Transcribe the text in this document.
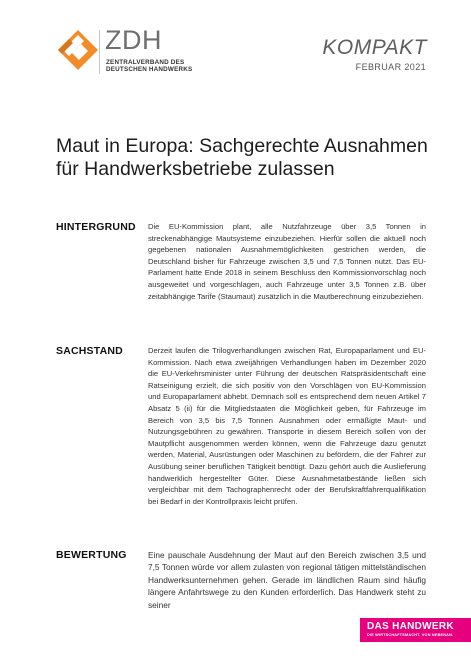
ZDH
ZENTRALVERBAND DES
DEUTSCHEN HANDWERKS
KOMPAKT
FEBRUAR 2021
Maut in Europa: Sachgerechte Ausnahmen
für Handwerksbetriebe zulassen
HINTERGRUND Die EU-Kommission plant, alle Nutzfahrzeuge über 3,5 Tonnen in streckenabhängige Mautsysteme einzubeziehen. Hierfür sollen die aktuell noch gegebenen nationalen Ausnahmemöglichkeiten gestrichen werden, die Deutschland bisher für Fahrzeuge zwischen 3,5 und 7,5 Tonnen nutzt. Das EU-Parlament hatte Ende 2018 in seinem Beschluss den Kommissionvorschlag noch ausgeweitet und vorgeschlagen, auch Fahrzeuge unter 3,5 Tonnen z.B. über zeitabhängige Tarife (Staumaut) zusätzlich in die Mautberechnung einzubeziehen.

SACHSTAND	Derzeit laufen die Trilogverhandlungen zwischen Rat, Europaparlament und EU-Kommission. Nach etwa zweijährigen Verhandlungen haben im Dezember 2020 die EU-Verkehrsminister unter Führung der deutschen Ratspräsidentschaft eine Ratseinigung erzielt, die sich positiv von den Vorschlägen von EU-Kommission und Europaparlament abhebt. Demnach soll es entsprechend dem neuen Artikel 7 Absatz 5 (ii) für die Mitgliedstaaten die Möglichkeit geben, für Fahrzeuge im Bereich von 3,5 bis 7,5 Tonnen Ausnahmen oder ermäßigte Maut- und Nutzungsgebühren zu gewähren. Transporte in diesem Bereich sollen von der Mautpflicht ausgenommen werden können, wenn die Fahrzeuge dazu genutzt werden, Material, Ausrüstungen oder Maschinen zu befördern, die der Fahrer zur Ausübung seiner beruflichen Tätigkeit benötigt. Dazu gehört auch die Auslieferung handwerklich hergestellter Güter. Diese Ausnahmetatbestände ließen sich vergleichbar mit dem Tachographenrecht oder der Berufskraftfahrerqualifikation bei Bedarf in der Kontrollpraxis leicht prüfen.

BEWERTUNG	Eine pauschale Ausdehnung der Maut auf den Bereich zwischen 3,5 und 7,5 Tonnen würde vor allem zulasten von regional tätigen mittelständischen Handwerksunternehmen gehen. Gerade im ländlichen Raum sind häufig längere Anfahrtswege zu den Kunden erforderlich. Das Handwerk steht zu seiner

DAS HANDWERK
DIE WIRTSCHAFTSMACHT. VON NEBENAN.
